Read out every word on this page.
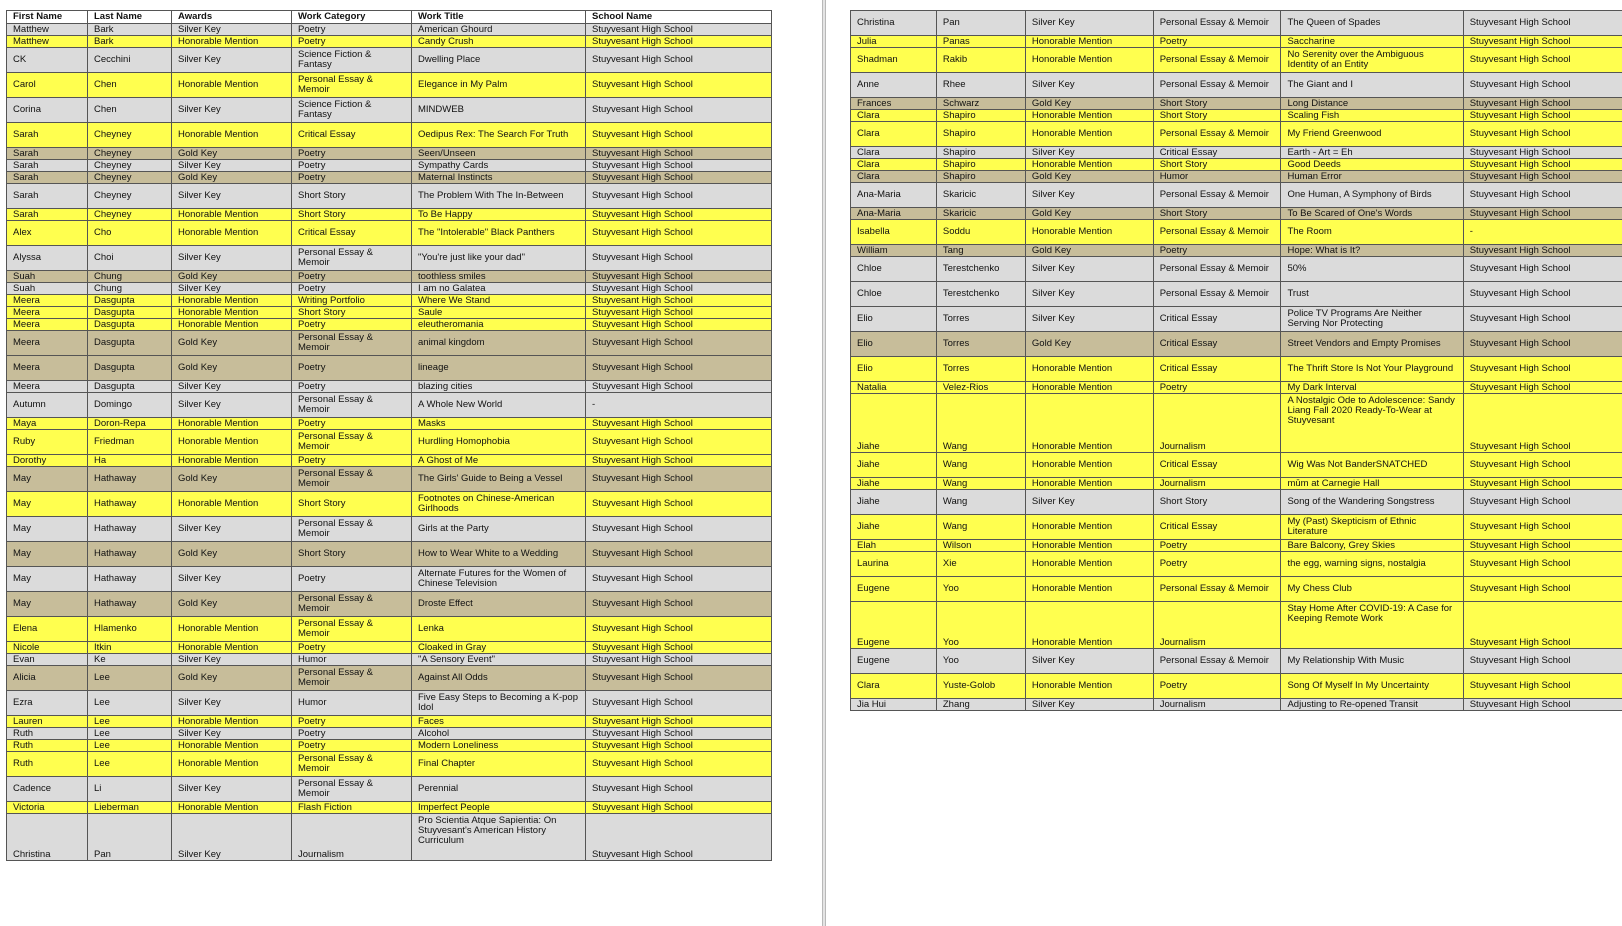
First Name	Last Name	Awards	Work Category	Work Title	School Name
Matthew	Bark	Silver Key	Poetry	American Ghourd	Stuyvesant High School
Matthew	Bark	Honorable Mention	Poetry	Candy Crush	Stuyvesant High School
CK	Cecchini	Silver Key	Science Fiction & Fantasy	Dwelling Place	Stuyvesant High School
Carol	Chen	Honorable Mention	Personal Essay & Memoir	Elegance in My Palm	Stuyvesant High School
Corina	Chen	Silver Key	Science Fiction & Fantasy	MINDWEB	Stuyvesant High School
Sarah	Cheyney	Honorable Mention	Critical Essay	Oedipus Rex: The Search For Truth	Stuyvesant High School
Sarah	Cheyney	Gold Key	Poetry	Seen/Unseen	Stuyvesant High School
Sarah	Cheyney	Silver Key	Poetry	Sympathy Cards	Stuyvesant High School
Sarah	Cheyney	Gold Key	Poetry	Maternal Instincts	Stuyvesant High School
Sarah	Cheyney	Silver Key	Short Story	The Problem With The In-Between	Stuyvesant High School
Sarah	Cheyney	Honorable Mention	Short Story	To Be Happy	Stuyvesant High School
Alex	Cho	Honorable Mention	Critical Essay	The "Intolerable" Black Panthers	Stuyvesant High School
Alyssa	Choi	Silver Key	Personal Essay & Memoir	"You're just like your dad"	Stuyvesant High School
Suah	Chung	Gold Key	Poetry	toothless smiles	Stuyvesant High School
Suah	Chung	Silver Key	Poetry	I am no Galatea	Stuyvesant High School
Meera	Dasgupta	Honorable Mention	Writing Portfolio	Where We Stand	Stuyvesant High School
Meera	Dasgupta	Honorable Mention	Short Story	Saule	Stuyvesant High School
Meera	Dasgupta	Honorable Mention	Poetry	eleutheromania	Stuyvesant High School
Meera	Dasgupta	Gold Key	Personal Essay & Memoir	animal kingdom	Stuyvesant High School
Meera	Dasgupta	Gold Key	Poetry	lineage	Stuyvesant High School
Meera	Dasgupta	Silver Key	Poetry	blazing cities	Stuyvesant High School
Autumn	Domingo	Silver Key	Personal Essay & Memoir	A Whole New World	-
Maya	Doron-Repa	Honorable Mention	Poetry	Masks	Stuyvesant High School
Ruby	Friedman	Honorable Mention	Personal Essay & Memoir	Hurdling Homophobia	Stuyvesant High School
Dorothy	Ha	Honorable Mention	Poetry	A Ghost of Me	Stuyvesant High School
May	Hathaway	Gold Key	Personal Essay & Memoir	The Girls' Guide to Being a Vessel	Stuyvesant High School
May	Hathaway	Honorable Mention	Short Story	Footnotes on Chinese-American Girlhoods	Stuyvesant High School
May	Hathaway	Silver Key	Personal Essay & Memoir	Girls at the Party	Stuyvesant High School
May	Hathaway	Gold Key	Short Story	How to Wear White to a Wedding	Stuyvesant High School
May	Hathaway	Silver Key	Poetry	Alternate Futures for the Women of Chinese Television	Stuyvesant High School
May	Hathaway	Gold Key	Personal Essay & Memoir	Droste Effect	Stuyvesant High School
Elena	Hlamenko	Honorable Mention	Personal Essay & Memoir	Lenka	Stuyvesant High School
Nicole	Itkin	Honorable Mention	Poetry	Cloaked in Gray	Stuyvesant High School
Evan	Ke	Silver Key	Humor	"A Sensory Event"	Stuyvesant High School
Alicia	Lee	Gold Key	Personal Essay & Memoir	Against All Odds	Stuyvesant High School
Ezra	Lee	Silver Key	Humor	Five Easy Steps to Becoming a K-pop Idol	Stuyvesant High School
Lauren	Lee	Honorable Mention	Poetry	Faces	Stuyvesant High School
Ruth	Lee	Silver Key	Poetry	Alcohol	Stuyvesant High School
Ruth	Lee	Honorable Mention	Poetry	Modern Loneliness	Stuyvesant High School
Ruth	Lee	Honorable Mention	Personal Essay & Memoir	Final Chapter	Stuyvesant High School
Cadence	Li	Silver Key	Personal Essay & Memoir	Perennial	Stuyvesant High School
Victoria	Lieberman	Honorable Mention	Flash Fiction	Imperfect People	Stuyvesant High School
Christina	Pan	Silver Key	Journalism	Pro Scientia Atque Sapientia: On Stuyvesant's American History Curriculum	Stuyvesant High School
Christina	Pan	Silver Key	Personal Essay & Memoir	The Queen of Spades	Stuyvesant High School
Julia	Panas	Honorable Mention	Poetry	Saccharine	Stuyvesant High School
Shadman	Rakib	Honorable Mention	Personal Essay & Memoir	No Serenity over the Ambiguous Identity of an Entity	Stuyvesant High School
Anne	Rhee	Silver Key	Personal Essay & Memoir	The Giant and I	Stuyvesant High School
Frances	Schwarz	Gold Key	Short Story	Long Distance	Stuyvesant High School
Clara	Shapiro	Honorable Mention	Short Story	Scaling Fish	Stuyvesant High School
Clara	Shapiro	Honorable Mention	Personal Essay & Memoir	My Friend Greenwood	Stuyvesant High School
Clara	Shapiro	Silver Key	Critical Essay	Earth - Art = Eh	Stuyvesant High School
Clara	Shapiro	Honorable Mention	Short Story	Good Deeds	Stuyvesant High School
Clara	Shapiro	Gold Key	Humor	Human Error	Stuyvesant High School
Ana-Maria	Skaricic	Silver Key	Personal Essay & Memoir	One Human, A Symphony of Birds	Stuyvesant High School
Ana-Maria	Skaricic	Gold Key	Short Story	To Be Scared of One's Words	Stuyvesant High School
Isabella	Soddu	Honorable Mention	Personal Essay & Memoir	The Room	-
William	Tang	Gold Key	Poetry	Hope: What is It?	Stuyvesant High School
Chloe	Terestchenko	Silver Key	Personal Essay & Memoir	50%	Stuyvesant High School
Chloe	Terestchenko	Silver Key	Personal Essay & Memoir	Trust	Stuyvesant High School
Elio	Torres	Silver Key	Critical Essay	Police TV Programs Are Neither Serving Nor Protecting	Stuyvesant High School
Elio	Torres	Gold Key	Critical Essay	Street Vendors and Empty Promises	Stuyvesant High School
Elio	Torres	Honorable Mention	Critical Essay	The Thrift Store Is Not Your Playground	Stuyvesant High School
Natalia	Velez-Rios	Honorable Mention	Poetry	My Dark Interval	Stuyvesant High School
Jiahe	Wang	Honorable Mention	Journalism	A Nostalgic Ode to Adolescence: Sandy Liang Fall 2020 Ready-To-Wear at Stuyvesant	Stuyvesant High School
Jiahe	Wang	Honorable Mention	Critical Essay	Wig Was Not BanderSNATCHED	Stuyvesant High School
Jiahe	Wang	Honorable Mention	Journalism	mūm at Carnegie Hall	Stuyvesant High School
Jiahe	Wang	Silver Key	Short Story	Song of the Wandering Songstress	Stuyvesant High School
Jiahe	Wang	Honorable Mention	Critical Essay	My (Past) Skepticism of Ethnic Literature	Stuyvesant High School
Elah	Wilson	Honorable Mention	Poetry	Bare Balcony, Grey Skies	Stuyvesant High School
Laurina	Xie	Honorable Mention	Poetry	the egg, warning signs, nostalgia	Stuyvesant High School
Eugene	Yoo	Honorable Mention	Personal Essay & Memoir	My Chess Club	Stuyvesant High School
Eugene	Yoo	Honorable Mention	Journalism	Stay Home After COVID-19: A Case for Keeping Remote Work	Stuyvesant High School
Eugene	Yoo	Silver Key	Personal Essay & Memoir	My Relationship With Music	Stuyvesant High School
Clara	Yuste-Golob	Honorable Mention	Poetry	Song Of Myself In My Uncertainty	Stuyvesant High School
Jia Hui	Zhang	Silver Key	Journalism	Adjusting to Re-opened Transit	Stuyvesant High School
